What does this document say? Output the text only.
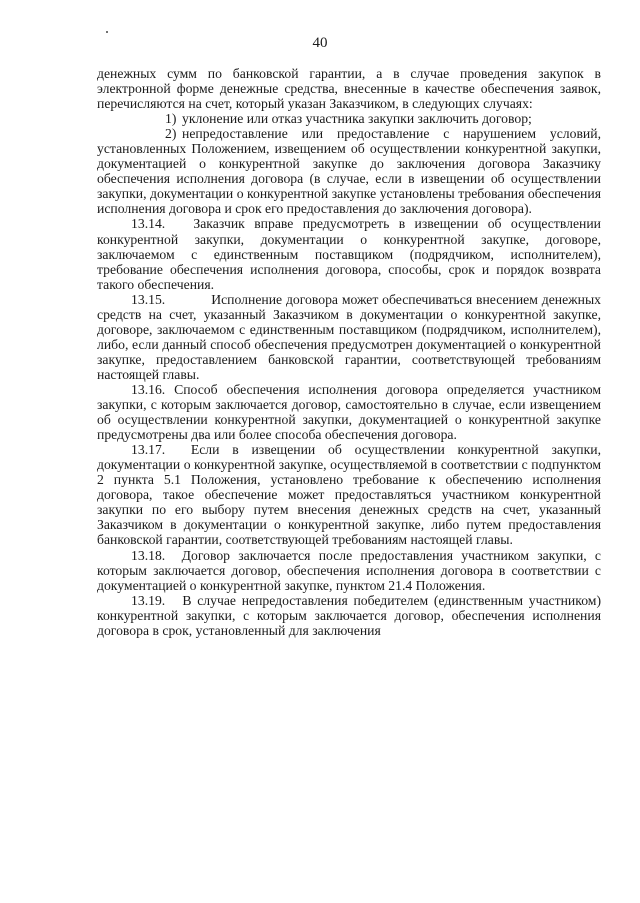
40

денежных сумм по банковской гарантии, а в случае проведения закупок в электронной форме денежные средства, внесенные в качестве обеспечения заявок, перечисляются на счет, который указан Заказчиком, в следующих случаях:

1) уклонение или отказ участника закупки заключить договор;

2) непредоставление или предоставление с нарушением условий, установленных Положением, извещением об осуществлении конкурентной закупки, документацией о конкурентной закупке до заключения договора Заказчику обеспечения исполнения договора (в случае, если в извещении об осуществлении закупки, документации о конкурентной закупке установлены требования обеспечения исполнения договора и срок его предоставления до заключения договора).

13.14. Заказчик вправе предусмотреть в извещении об осуществлении конкурентной закупки, документации о конкурентной закупке, договоре, заключаемом с единственным поставщиком (подрядчиком, исполнителем), требование обеспечения исполнения договора, способы, срок и порядок возврата такого обеспечения.

13.15.	Исполнение договора может обеспечиваться внесением денежных средств на счет, указанный Заказчиком в документации о конкурентной закупке, договоре, заключаемом с единственным поставщиком (подрядчиком, исполнителем), либо, если данный способ обеспечения предусмотрен документацией о конкурентной закупке, предоставлением банковской гарантии, соответствующей требованиям настоящей главы.

13.16. Способ обеспечения исполнения договора определяется участником закупки, с которым заключается договор, самостоятельно в случае, если извещением об осуществлении конкурентной закупки, документацией о конкурентной закупке предусмотрены два или более способа обеспечения договора.

13.17. Если в извещении об осуществлении конкурентной закупки, документации о конкурентной закупке, осуществляемой в соответствии с подпунктом 2 пункта 5.1 Положения, установлено требование к обеспечению исполнения договора, такое обеспечение может предоставляться участником конкурентной закупки по его выбору путем внесения денежных средств на счет, указанный Заказчиком в документации о конкурентной закупке, либо путем предоставления банковской гарантии, соответствующей требованиям настоящей главы.

13.18. Договор заключается после предоставления участником закупки, с которым заключается договор, обеспечения исполнения договора в соответствии с документацией о конкурентной закупке, пунктом 21.4 Положения.

13.19. В случае непредоставления победителем (единственным участником) конкурентной закупки, с которым заключается договор, обеспечения исполнения договора в срок, установленный для заключения
